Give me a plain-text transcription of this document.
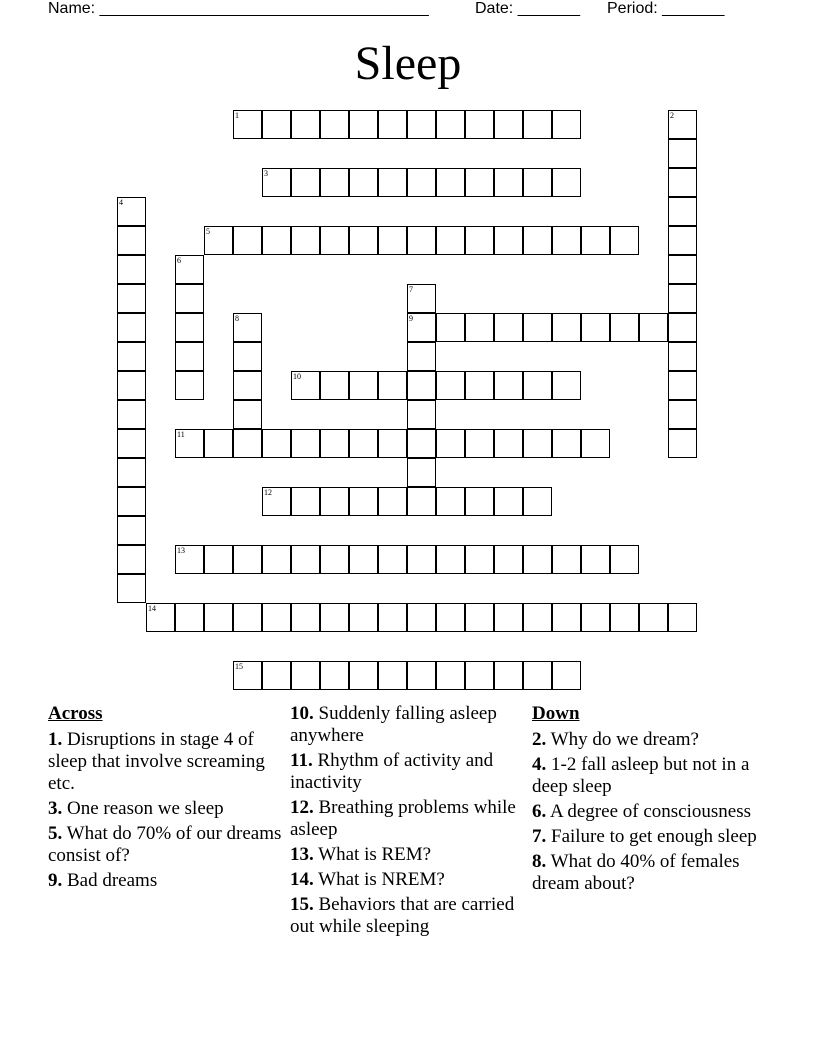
Name: _____________________________________	Date: _______ Period: _______
Sleep
1	2
3
4
5
6
7
9
8
10
11
12
13
14
15
Across
1. Disruptions in stage 4 of sleep that involve screaming etc.
3. One reason we sleep
5. What do 70% of our dreams consist of?
9. Bad dreams
10. Suddenly falling asleep anywhere
11. Rhythm of activity and inactivity
12. Breathing problems while asleep
13. What is REM?
14. What is NREM?
15. Behaviors that are carried out while sleeping
Down
2. Why do we dream?
4. 1-2 fall asleep but not in a deep sleep
6. A degree of consciousness
7. Failure to get enough sleep
8. What do 40% of females dream about?
